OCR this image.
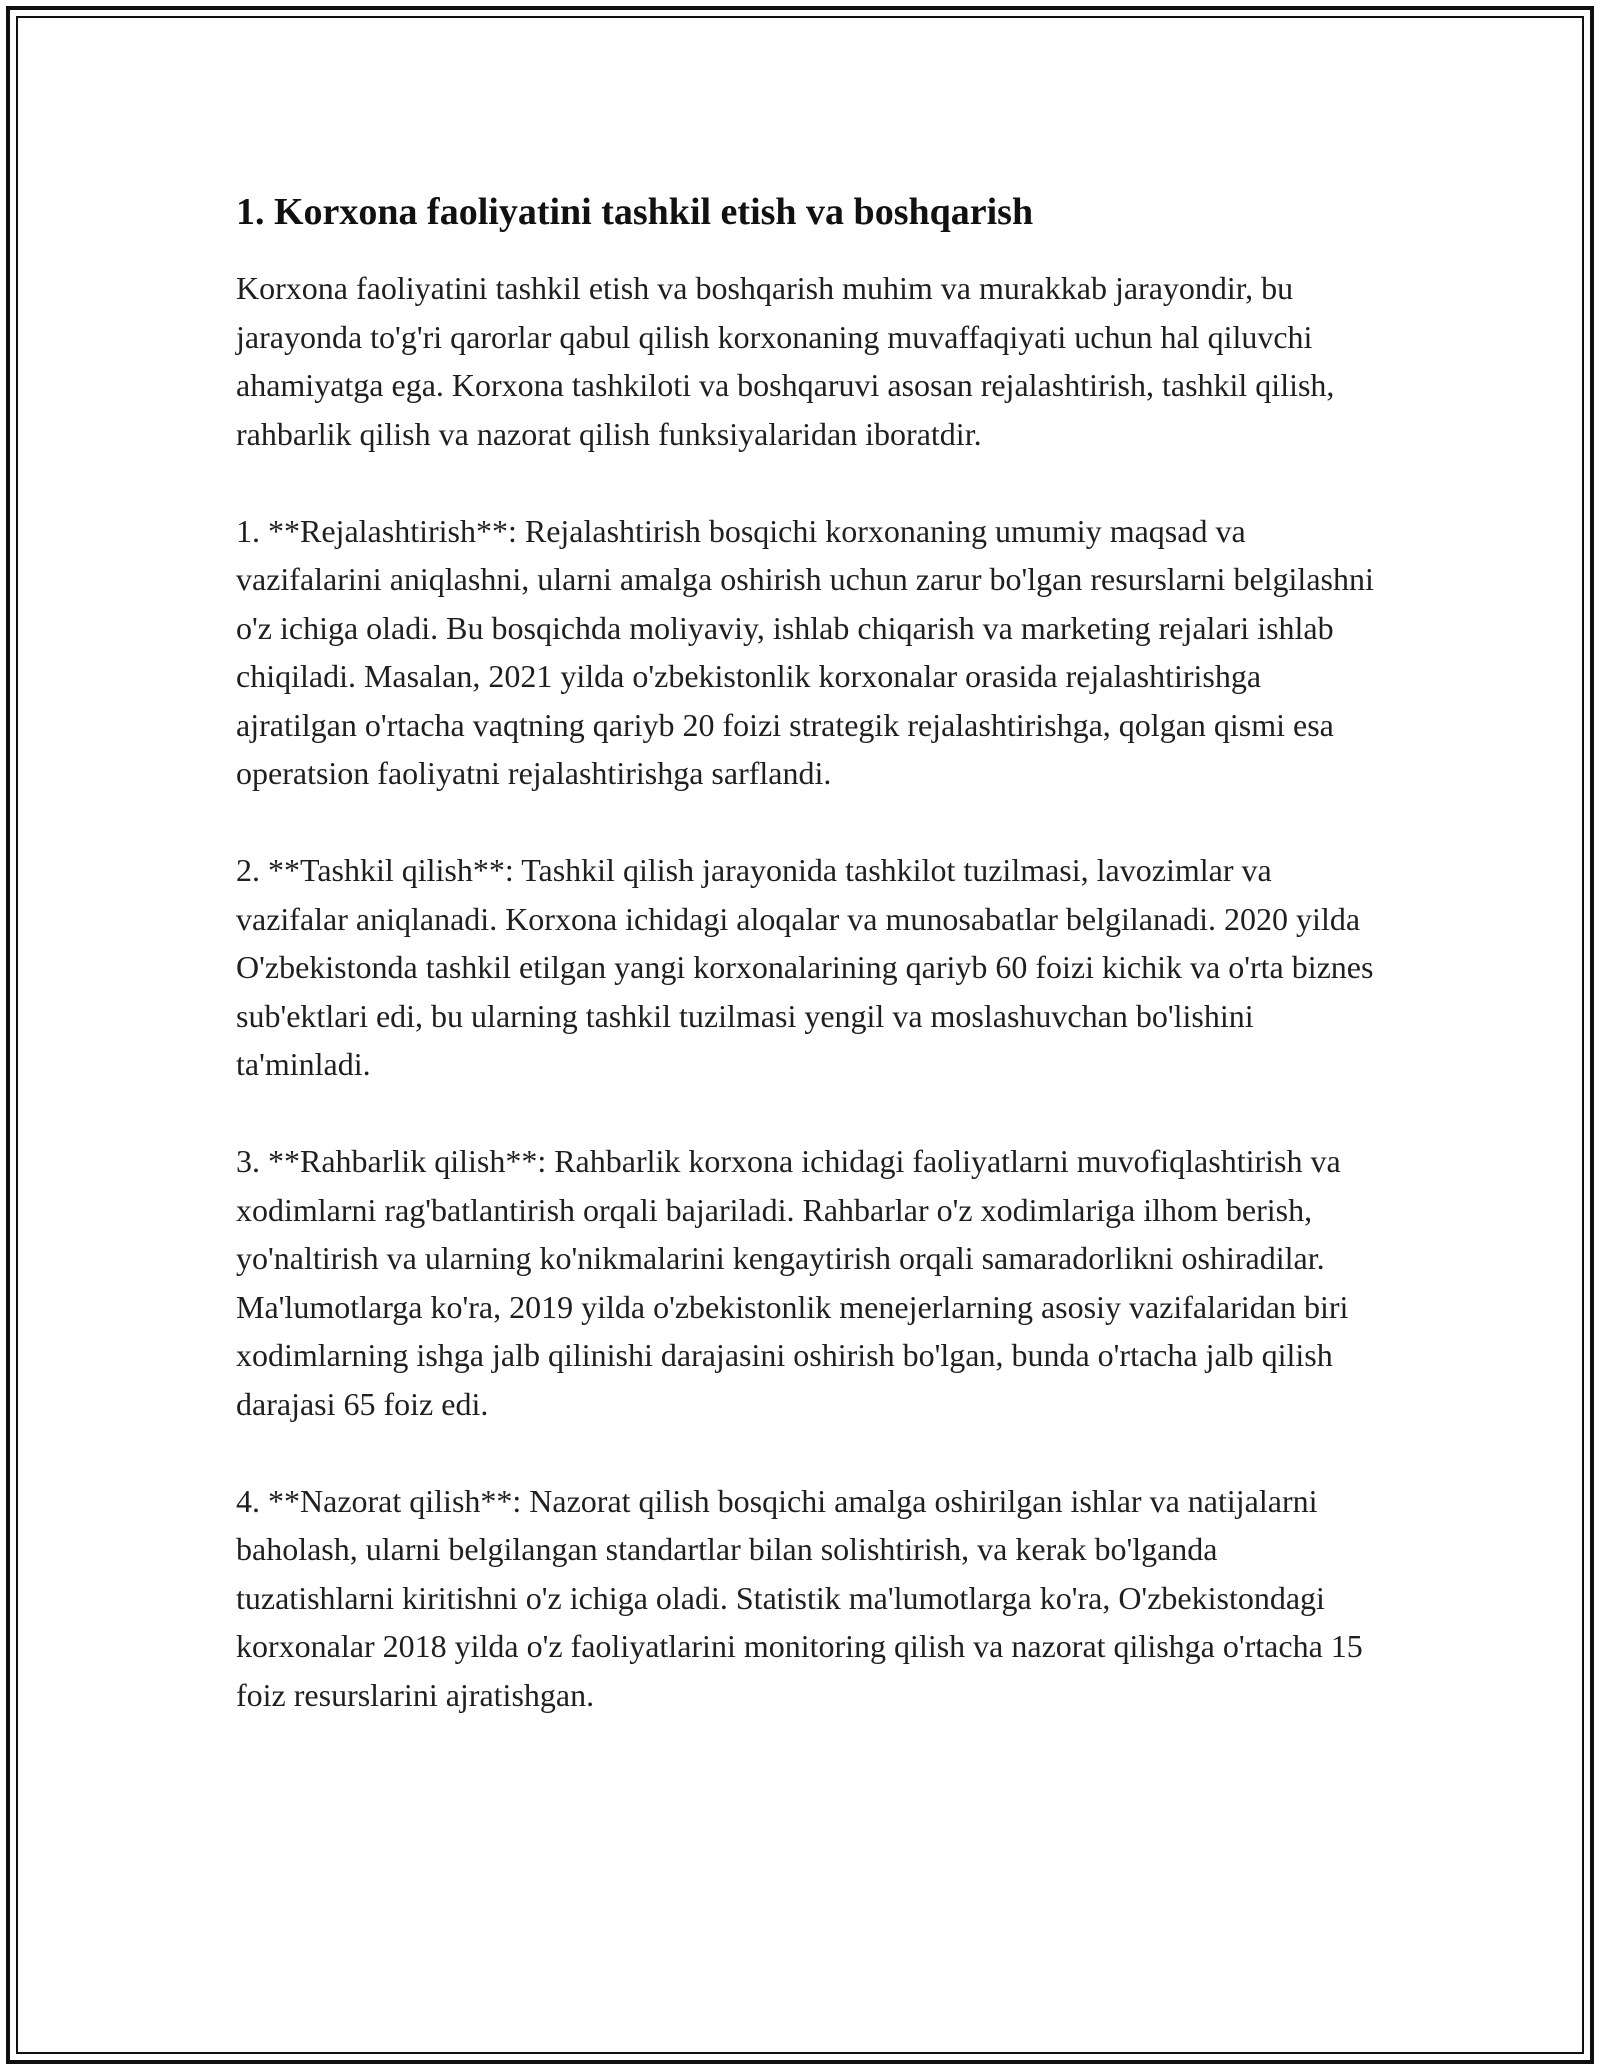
1. Korxona faoliyatini tashkil etish va boshqarish

Korxona faoliyatini tashkil etish va boshqarish muhim va murakkab jarayondir, bu jarayonda to'g'ri qarorlar qabul qilish korxonaning muvaffaqiyati uchun hal qiluvchi ahamiyatga ega. Korxona tashkiloti va boshqaruvi asosan rejalashtirish, tashkil qilish, rahbarlik qilish va nazorat qilish funksiyalaridan iboratdir.

1. **Rejalashtirish**: Rejalashtirish bosqichi korxonaning umumiy maqsad va vazifalarini aniqlashni, ularni amalga oshirish uchun zarur bo'lgan resurslarni belgilashni o'z ichiga oladi. Bu bosqichda moliyaviy, ishlab chiqarish va marketing rejalari ishlab chiqiladi. Masalan, 2021 yilda o'zbekistonlik korxonalar orasida rejalashtirishga ajratilgan o'rtacha vaqtning qariyb 20 foizi strategik rejalashtirishga, qolgan qismi esa operatsion faoliyatni rejalashtirishga sarflandi.

2. **Tashkil qilish**: Tashkil qilish jarayonida tashkilot tuzilmasi, lavozimlar va vazifalar aniqlanadi. Korxona ichidagi aloqalar va munosabatlar belgilanadi. 2020 yilda O'zbekistonda tashkil etilgan yangi korxonalarining qariyb 60 foizi kichik va o'rta biznes sub'ektlari edi, bu ularning tashkil tuzilmasi yengil va moslashuvchan bo'lishini ta'minladi.

3. **Rahbarlik qilish**: Rahbarlik korxona ichidagi faoliyatlarni muvofiqlashtirish va xodimlarni rag'batlantirish orqali bajariladi. Rahbarlar o'z xodimlariga ilhom berish, yo'naltirish va ularning ko'nikmalarini kengaytirish orqali samaradorlikni oshiradilar. Ma'lumotlarga ko'ra, 2019 yilda o'zbekistonlik menejerlarning asosiy vazifalaridan biri xodimlarning ishga jalb qilinishi darajasini oshirish bo'lgan, bunda o'rtacha jalb qilish darajasi 65 foiz edi.

4. **Nazorat qilish**: Nazorat qilish bosqichi amalga oshirilgan ishlar va natijalarni baholash, ularni belgilangan standartlar bilan solishtirish, va kerak bo'lganda tuzatishlarni kiritishni o'z ichiga oladi. Statistik ma'lumotlarga ko'ra, O'zbekistondagi korxonalar 2018 yilda o'z faoliyatlarini monitoring qilish va nazorat qilishga o'rtacha 15 foiz resurslarini ajratishgan.
